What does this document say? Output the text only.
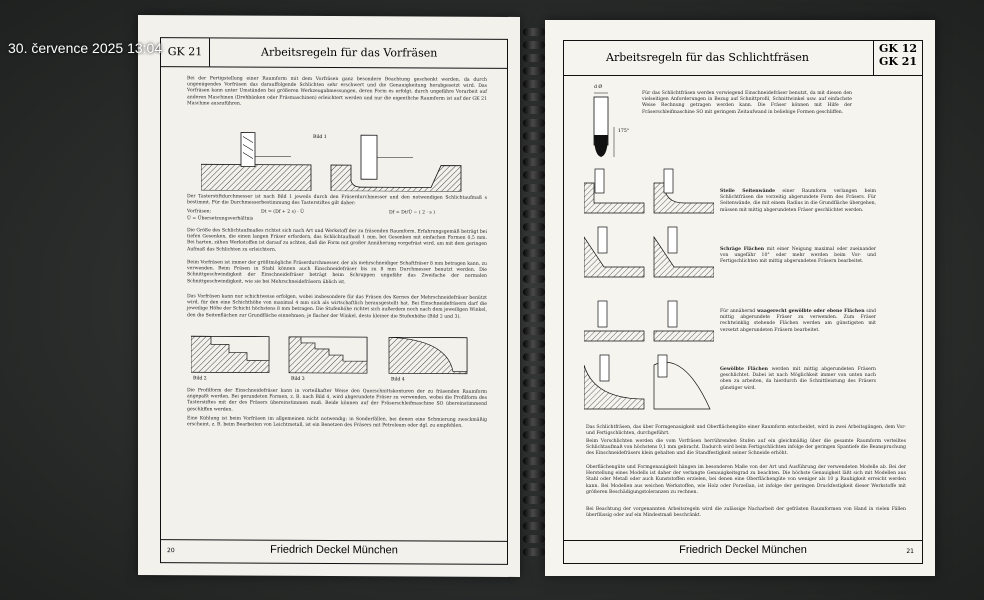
GK 21	Arbeitsregeln für das Vorfräsen
Bei der Fertigstellung einer Raumform mit dem Vorfräsen ganz besondere Beachtung geschenkt werden, da durch ungenügendes Vorfräsen das darauffolgende Schlichten sehr erschwert und die Genauigkeitung herabgesetzt wird. Das Vorfräsen kann unter Umständen bei größeren Werkzeugabmessungen, deren Form es erfolgt, durch ungefähre Vorarbeit auf anderen Maschinen (Drehbänken oder Fräsmaschinen) erleichtert werden und nur die eigentliche Raumform ist auf der GK 21 Maschine auszuführen.
Bild 1
Der Tasterstiftdurchmesser ist nach Bild 1 jeweils durch den Fräserdurchmesser und den notwendigen Schlichtaufmaß s bestimmt. Für die Durchmesserbestimmung des Tasterstiftes gilt daher:
Vorfräsen:	Dt = (Df + 2 s) · Ü	Df = Dt/Ü − ( 2 · s )
Ü = Übersetzungsverhältnis
Die Größe des Schlichtaufmaßes richtet sich nach Art und Werkstoff der zu fräsenden Raumform. Erfahrungsgemäß beträgt bei tiefen Gesenken, die einen langen Fräser erfordern, das Schlichtaufmaß 1 mm, bei Gesenken mit einfachen Formen 0,5 mm. Bei harten, zähen Werkstoffen ist darauf zu achten, daß die Form mit großer Annäherung vorgefräst wird, um mit dem geringen Aufmaß das Schlichten zu erleichtern.
Beim Vorfräsen ist immer der größtmögliche Fräserdurchmesser, der als mehrschneidiger Schaftfräser 8 mm betragen kann, zu verwenden. Beim Fräsen in Stahl können auch Einschneidefräser bis zu 8 mm Durchmesser benutzt werden. Die Schnittgeschwindigkeit der Einschneidefräser beträgt beim Schruppen ungefähr das Zweifache der normalen Schnittgeschwindigkeit, wie sie bei Mehrschneidefräsern üblich ist.
Das Vorfräsen kann nur schichtweise erfolgen, wobei insbesondere für das Fräsen des Kernes der Mehrschneidefräser benützt wird, für den eine Schichthöhe von maximal 4 mm sich als wirtschaftlich herausgestellt hat. Bei Einschneidefräsern darf die jeweilige Höhe der Schicht höchstens 8 mm betragen. Die Stufenhöhe richtet sich außerdem noch nach dem jeweiligen Winkel, den die Seitenflächen zur Grundfläche einnehmen; je flacher der Winkel, desto kleiner die Stufenhöhe (Bild 2 und 3).
Bild 2	Bild 3	Bild 4
Die Profilform der Einschneidefräser kann in vorteilhafter Weise den Querschnittskonturen der zu fräsenden Raumform angepaßt werden. Bei gerundeten Formen, z. B. nach Bild 4, wird abgerundete Fräser zu verwenden, wobei die Profilform des Tasterstiftes mit der des Fräsers übereinstimmen muß. Beide können auf der Fräserschleifmaschine SO übereinstimmend geschliffen werden.
Eine Kühlung ist beim Vorfräsen im allgemeinen nicht notwendig; in Sonderfällen, bei denen eine Schmierung zweckmäßig erscheint, z. B. beim Bearbeiten von Leichtmetall, ist ein Benetzen des Fräsers mit Petroleum oder dgl. zu empfehlen.
20	Friedrich Deckel München
Arbeitsregeln für das Schlichtfräsen
GK 12
GK 21
d Ø
175°
Für das Schlichtfräsen werden vorwiegend Einschneidefräser benutzt, da mit diesen den vielseitigen Anforderungen in Bezug auf Schnittprofil, Schnittwinkel usw. auf einfachste Weise Rechnung getragen werden kann. Die Fräser können mit Hilfe der Fräserschleifmaschine SO mit geringem Zeitaufwand in beliebige Formen geschliffen.
Steile Seitenwände einer Raumform verlangen beim Schlichtfräsen die vorzeitig abgerundete Form des Fräsers. Für Seitenwände, die mit einem Radius in die Grundfläche übergehen, müssen mit mittig abgerundeten Fräser geschlichtet werden.
Schräge Flächen mit einer Neigung maximal oder zueinander von ungefähr 10° oder mehr werden beim Vor- und Fertigschlichten mit mittig abgerundeten Fräsern bearbeitet.
Für annähernd waagerecht gewölbte oder ebene Flächen sind mittig abgerundete Fräser zu verwenden. Zum Fräser rechtwinklig stehende Flächen werden am günstigsten mit versetzt abgerundeten Fräsern bearbeitet.
Gewölbte Flächen werden mit mittig abgerundeten Fräsern geschlichtet. Dabei ist nach Möglichkeit immer von unten nach oben zu arbeiten, da hierdurch die Schnittleistung des Fräsers günstiger wird.
Das Schlichtfräsen, das über Formgenauigkeit und Oberflächengüte einer Raumform entscheidet, wird in zwei Arbeitsgängen, dem Vor- und Fertigschlichten, durchgeführt.
Beim Vorschlichten werden die vom Vorfräsen herrührenden Stufen auf ein gleichmäßig über die gesamte Raumform verteiltes Schlichtaufmaß von höchstens 0,1 mm gebracht. Dadurch wird beim Fertigschlichten infolge der geringen Spantiefe die Beanspruchung des Einschneidefräsers klein gehalten und die Standfestigkeit seiner Schneide erhöht.
Oberflächengüte und Formgenauigkeit hängen im besonderen Maße von der Art und Ausführung der verwendeten Modelle ab. Bei der Herstellung eines Modells ist daher der verlangte Genauigkeitsgrad zu beachten. Die höchste Genauigkeit läßt sich mit Modellen aus Stahl oder Metall oder auch Kunststoffen erzielen, bei denen eine Oberflächengüte von weniger als 10 µ Rauhigkeit erreicht werden kann. Bei Modellen aus weichen Werkstoffen, wie Holz oder Porzellan, ist infolge der geringen Druckfestigkeit dieser Werkstoffe mit größeren Beschädigungstoleranzen zu rechnen.
Bei Beachtung der vorgenannten Arbeitsregeln wird die zulässige Nacharbeit der gefrästen Raumformen von Hand in vielen Fällen überflüssig oder auf ein Mindestmaß beschränkt.
Friedrich Deckel München	21
30. července 2025 13:04
